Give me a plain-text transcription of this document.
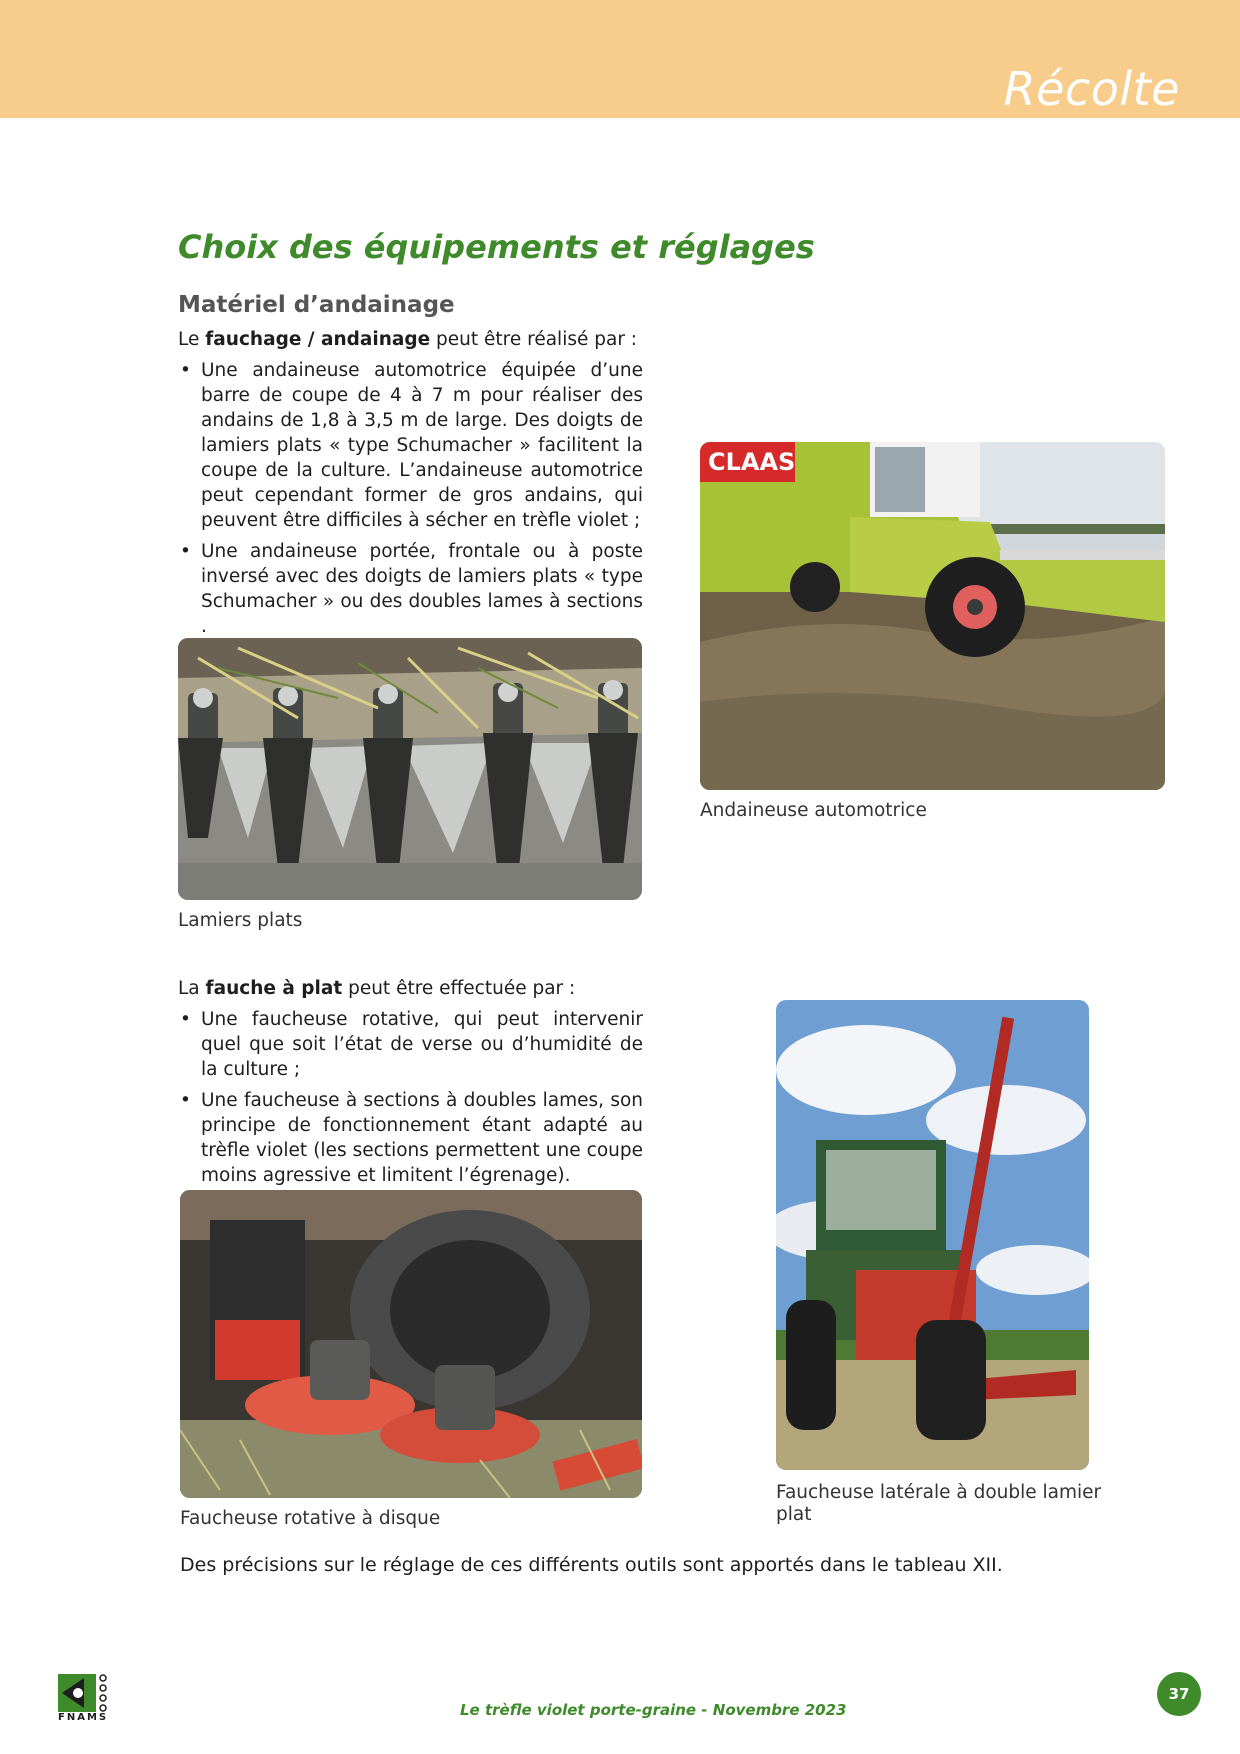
Récolte
Choix des équipements et réglages
Matériel d’andainage

Le fauchage / andainage peut être réalisé par :

• Une andaineuse automotrice équipée d’une barre de coupe de 4 à 7 m pour réaliser des andains de 1,8 à 3,5 m de large. Des doigts de lamiers plats « type Schumacher » facilitent la coupe de la culture. L’andaineuse automotrice peut cependant former de gros andains, qui peuvent être difficiles à sécher en trèfle violet ;
• Une andaineuse portée, frontale ou à poste inversé avec des doigts de lamiers plats « type Schumacher » ou des doubles lames à sections .
CLAAS
Andaineuse automotrice
Lamiers plats

La fauche à plat peut être effectuée par :

• Une faucheuse rotative, qui peut intervenir quel que soit l’état de verse ou d’humidité de la culture ;
• Une faucheuse à sections à doubles lames, son principe de fonctionnement étant adapté au trèfle violet (les sections permettent une coupe moins agressive et limitent l’égrenage).
Faucheuse latérale à double lamier plat
Faucheuse rotative à disque
Des précisions sur le réglage de ces différents outils sont apportés dans le tableau XII.
FNAMS	Le trèfle violet porte-graine - Novembre 2023
37
